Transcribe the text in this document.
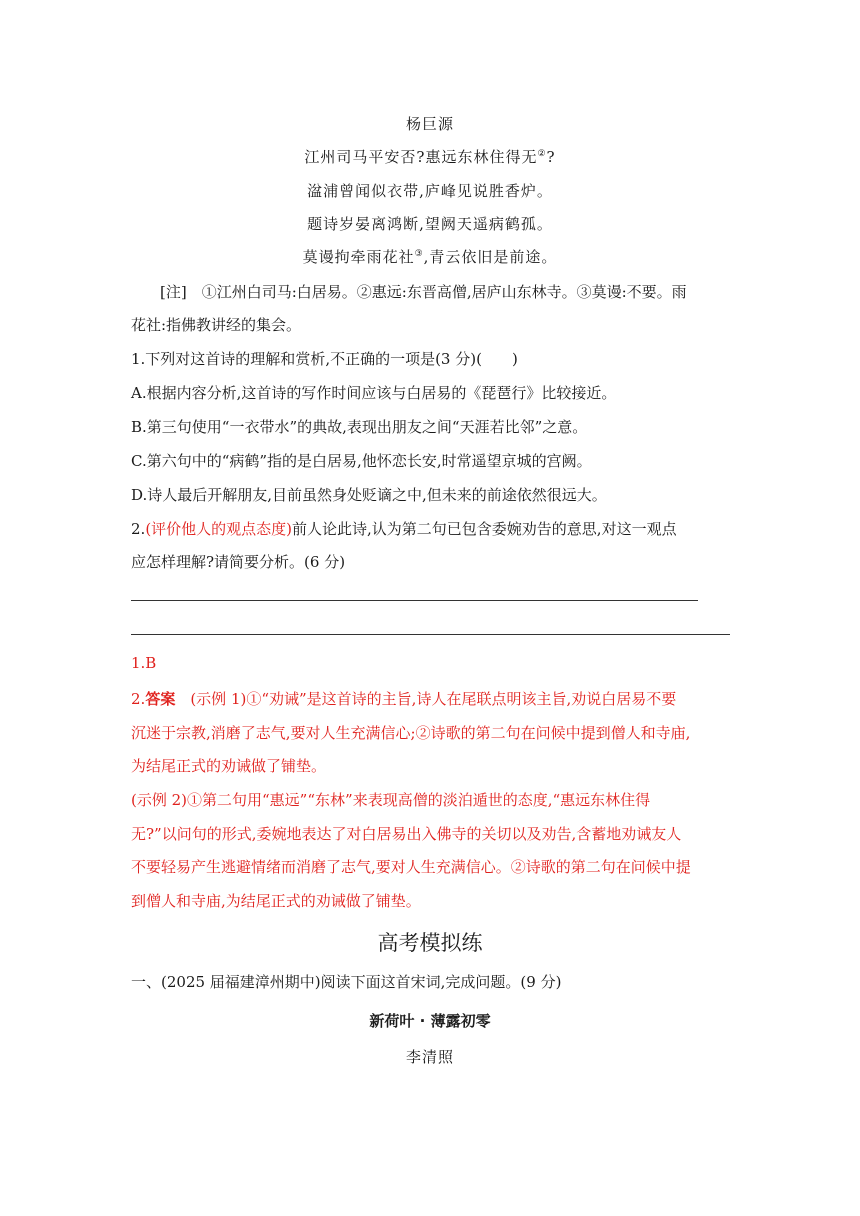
杨巨源
江州司马平安否?惠远东林住得无②?
湓浦曾闻似衣带,庐峰见说胜香炉。
题诗岁晏离鸿断,望阙天遥病鹤孤。
莫谩拘牵雨花社③,青云依旧是前途。
[注]　①江州白司马:白居易。②惠远:东晋高僧,居庐山东林寺。③莫谩:不要。雨
花社:指佛教讲经的集会。
1.下列对这首诗的理解和赏析,不正确的一项是(3 分)(　　)
A.根据内容分析,这首诗的写作时间应该与白居易的《琵琶行》比较接近。
B.第三句使用“一衣带水”的典故,表现出朋友之间“天涯若比邻”之意。
C.第六句中的“病鹤”指的是白居易,他怀恋长安,时常遥望京城的宫阙。
D.诗人最后开解朋友,目前虽然身处贬谪之中,但未来的前途依然很远大。
2.(评价他人的观点态度)前人论此诗,认为第二句已包含委婉劝告的意思,对这一观点
应怎样理解?请简要分析。(6 分)
1.B
2.答案　(示例 1)①“劝诫”是这首诗的主旨,诗人在尾联点明该主旨,劝说白居易不要
沉迷于宗教,消磨了志气,要对人生充满信心;②诗歌的第二句在问候中提到僧人和寺庙,
为结尾正式的劝诫做了铺垫。
(示例 2)①第二句用“惠远”“东林”来表现高僧的淡泊遁世的态度,“惠远东林住得
无?”以问句的形式,委婉地表达了对白居易出入佛寺的关切以及劝告,含蓄地劝诫友人
不要轻易产生逃避情绪而消磨了志气,要对人生充满信心。②诗歌的第二句在问候中提
到僧人和寺庙,为结尾正式的劝诫做了铺垫。
高考模拟练
一、(2025 届福建漳州期中)阅读下面这首宋词,完成问题。(9 分)
新荷叶 · 薄露初零
李清照
